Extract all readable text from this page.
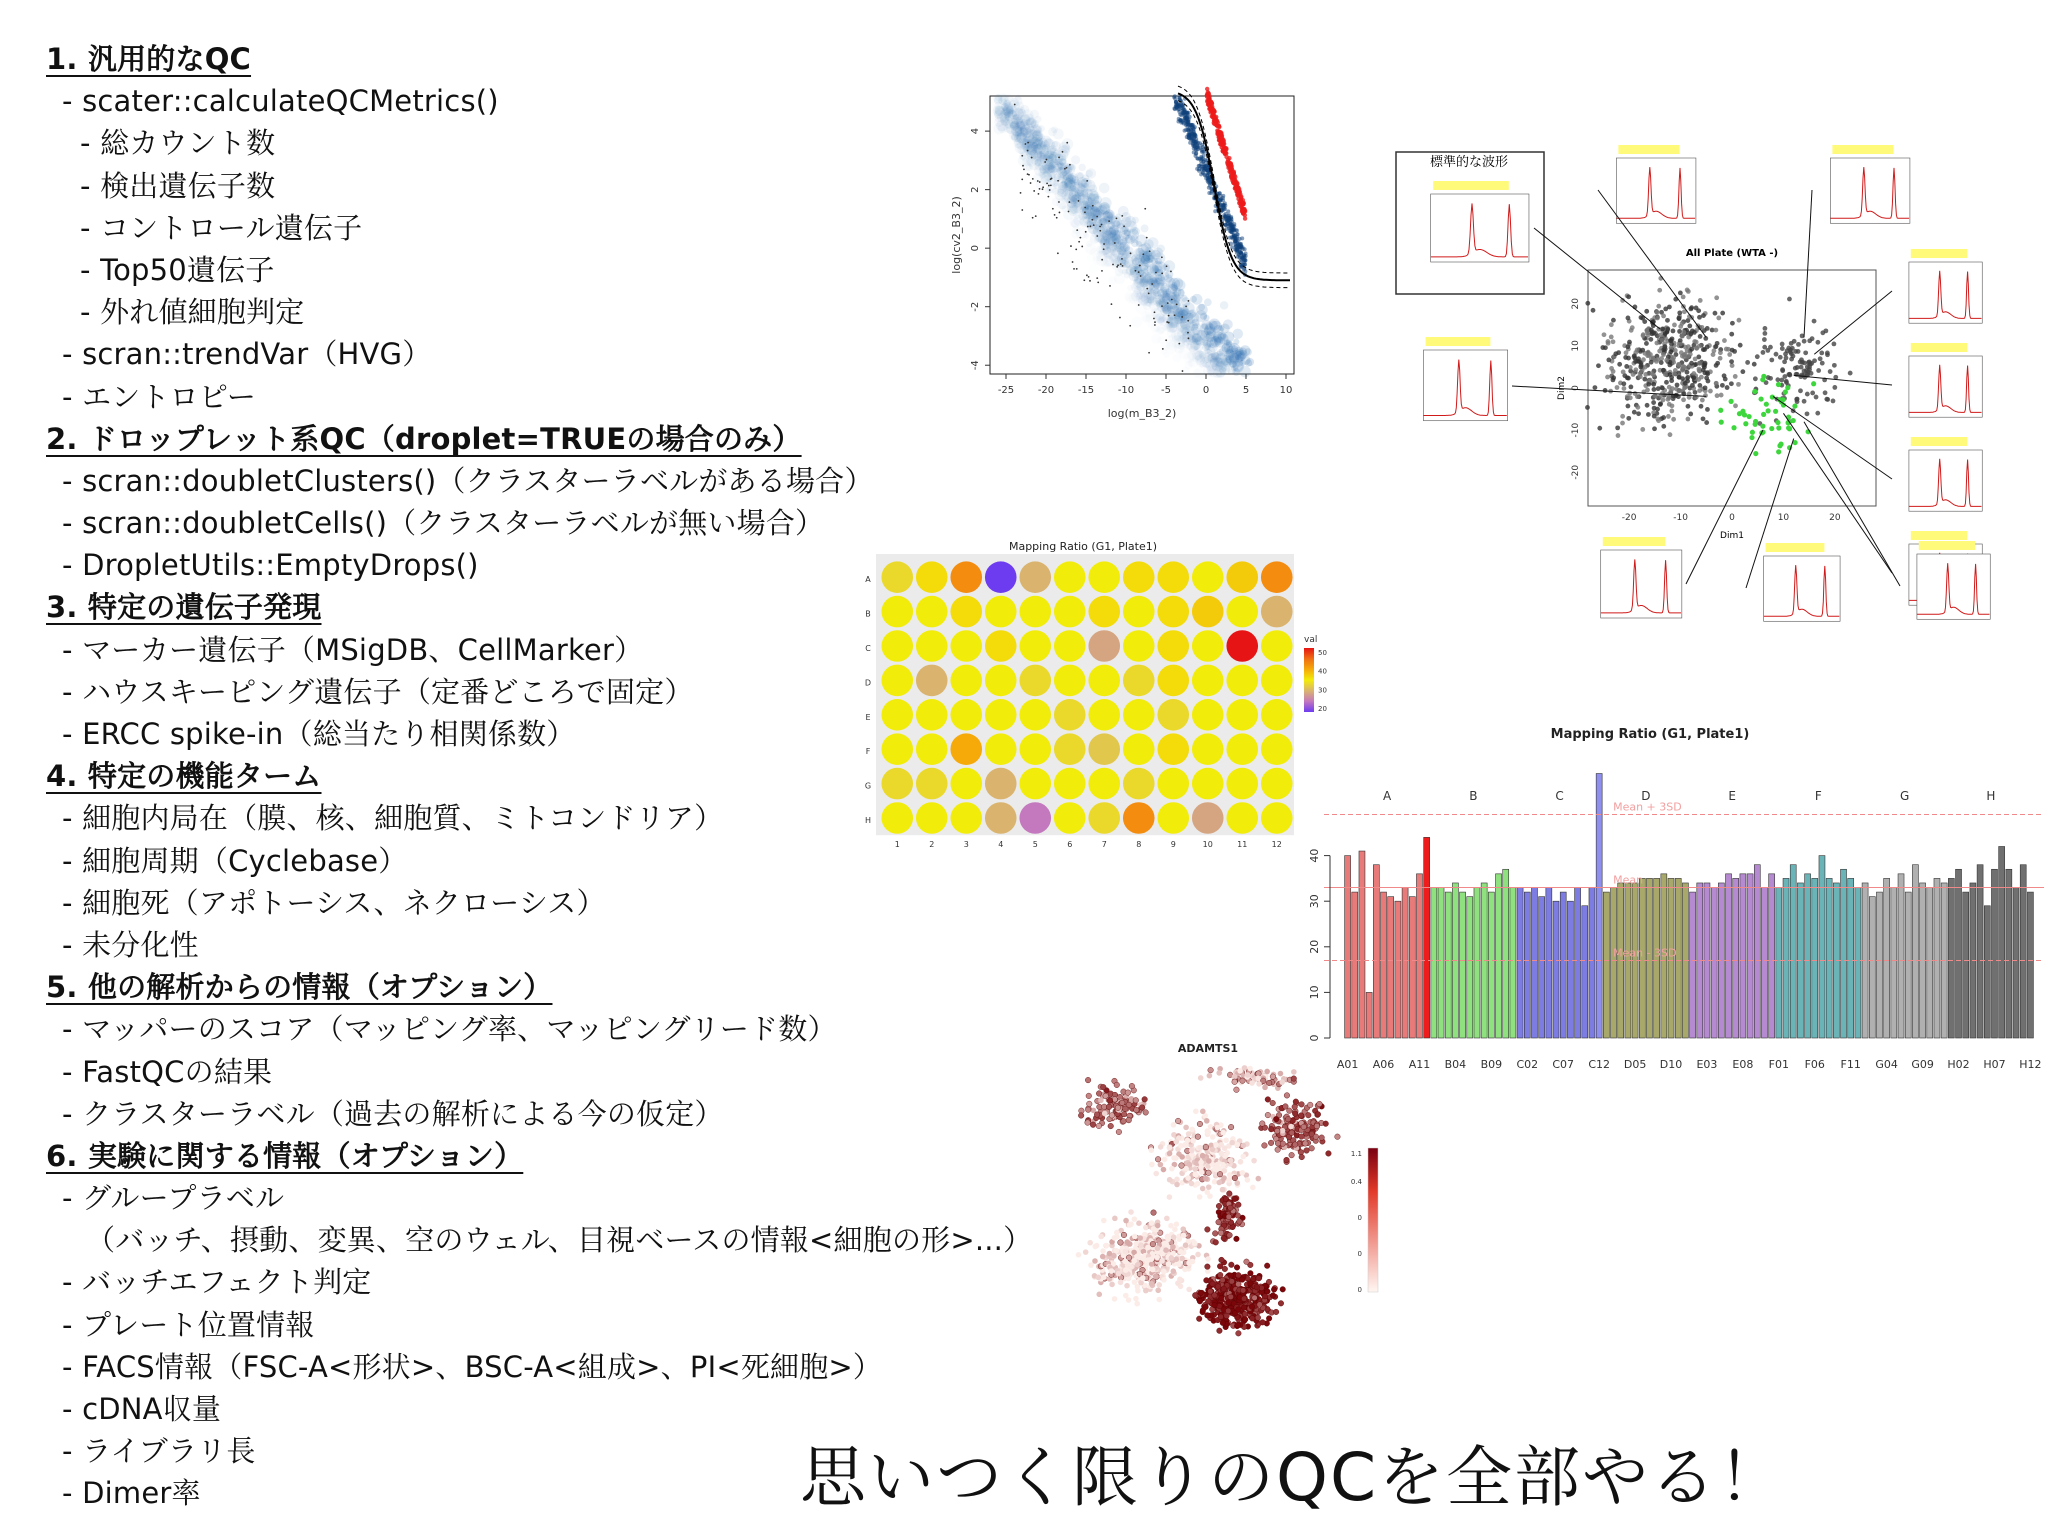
1. 汎用的なQC
- scater::calculateQCMetrics()
- 総カウント数
- 検出遺伝子数
- コントロール遺伝子
- Top50遺伝子
- 外れ値細胞判定
- scran::trendVar（HVG）
- エントロピー
2. ドロップレット系QC（droplet=TRUEの場合のみ）
- scran::doubletClusters()（クラスターラベルがある場合）
- scran::doubletCells()（クラスターラベルが無い場合）
- DropletUtils::EmptyDrops()
3. 特定の遺伝子発現
- マーカー遺伝子（MSigDB、CellMarker）
- ハウスキーピング遺伝子（定番どころで固定）
- ERCC spike-in（総当たり相関係数）
4. 特定の機能ターム
- 細胞内局在（膜、核、細胞質、ミトコンドリア）
- 細胞周期（Cyclebase）
- 細胞死（アポトーシス、ネクローシス）
- 未分化性
5. 他の解析からの情報（オプション）
- マッパーのスコア（マッピング率、マッピングリード数）
- FastQCの結果
- クラスターラベル（過去の解析による今の仮定）
6. 実験に関する情報（オプション）
- グループラベル
（バッチ、摂動、変異、空のウェル、目視ベースの情報<細胞の形>...）
- バッチエフェクト判定
- プレート位置情報
- FACS情報（FSC-A<形状>、BSC-A<組成>、PI<死細胞>）
- cDNA収量
- ライブラリ長
- Dimer率	思いつく限りのQCを全部やる！
-25 -20 -15 -10	-5	0	5	10
-4
-2
0
2
4
log(m_B3_2)
log(cv2_B3_2)	All Plate (WTA -)
-20	-10	0	10	20
-20
-10
0
10
20
Dim1
Dim2
標準的な波形
Mapping Ratio (G1, Plate1)
A
B
C
D
E
F
G
H
1	2	3	4	5	6	7	8	9	10	11	12
val
50
40
30
20
Mapping Ratio (G1, Plate1)
A	B	C	D	E	F	G	H
Mean + 3SD
Mean
Mean - 3SD
0
10
20
30
40
A01 A06 A11 B04 B09 C02 C07 C12 D05 D10 E03 E08 F01 F06 F11 G04 G09 H02 H07 H12
ADAMTS1
1.1
0.4
0
0
0
